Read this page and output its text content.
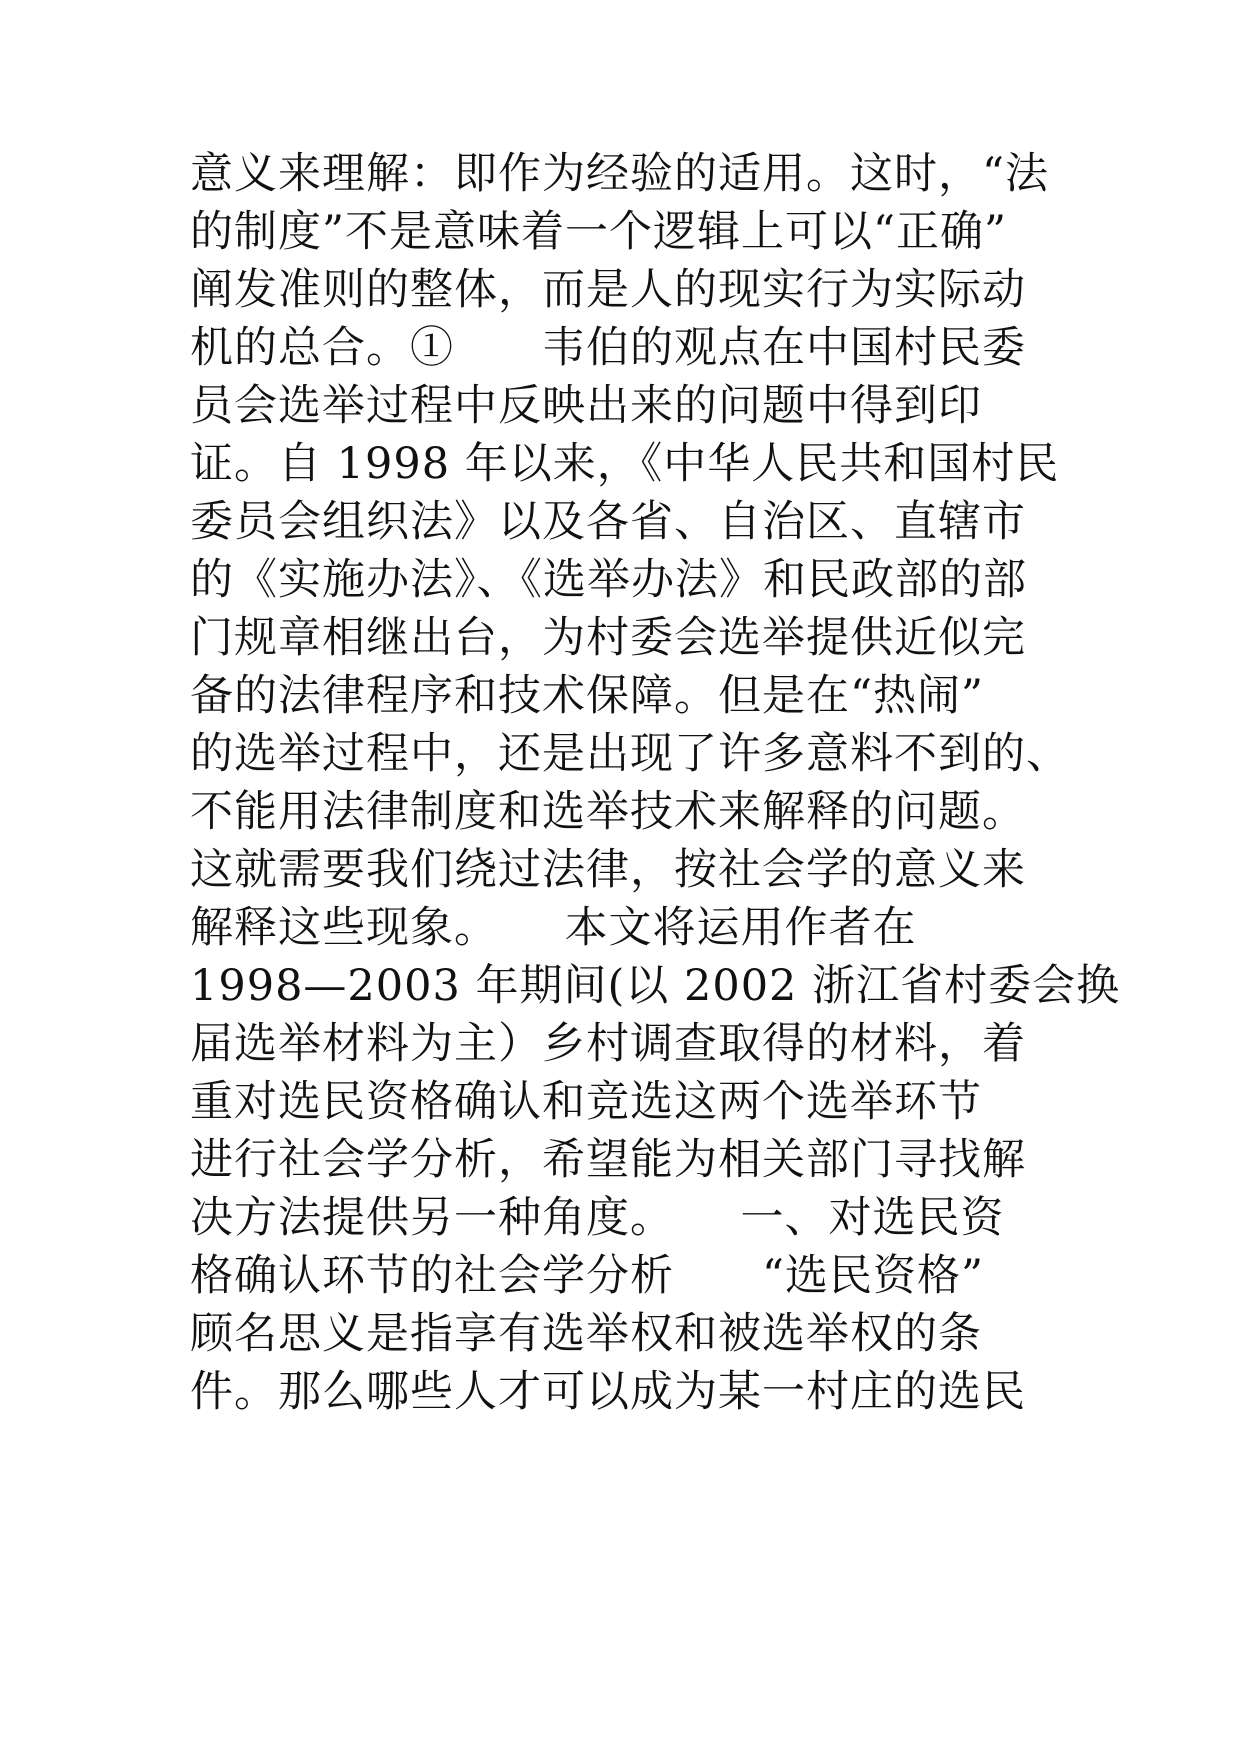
意义来理解：即作为经验的适用。这时，“法
的制度”不是意味着一个逻辑上可以“正确”
阐发准则的整体，而是人的现实行为实际动
机的总合。①　　韦伯的观点在中国村民委
员会选举过程中反映出来的问题中得到印
证。自 1998 年以来，《中华人民共和国村民
委员会组织法》以及各省、自治区、直辖市
的《实施办法》、《选举办法》和民政部的部
门规章相继出台，为村委会选举提供近似完
备的法律程序和技术保障。但是在“热闹”
的选举过程中，还是出现了许多意料不到的、
不能用法律制度和选举技术来解释的问题。
这就需要我们绕过法律，按社会学的意义来
解释这些现象。　　本文将运用作者在
1998—2003 年期间(以 2002 浙江省村委会换
届选举材料为主）乡村调查取得的材料，着
重对选民资格确认和竞选这两个选举环节
进行社会学分析，希望能为相关部门寻找解
决方法提供另一种角度。　　一、对选民资
格确认环节的社会学分析　　“选民资格”
顾名思义是指享有选举权和被选举权的条
件。那么哪些人才可以成为某一村庄的选民
